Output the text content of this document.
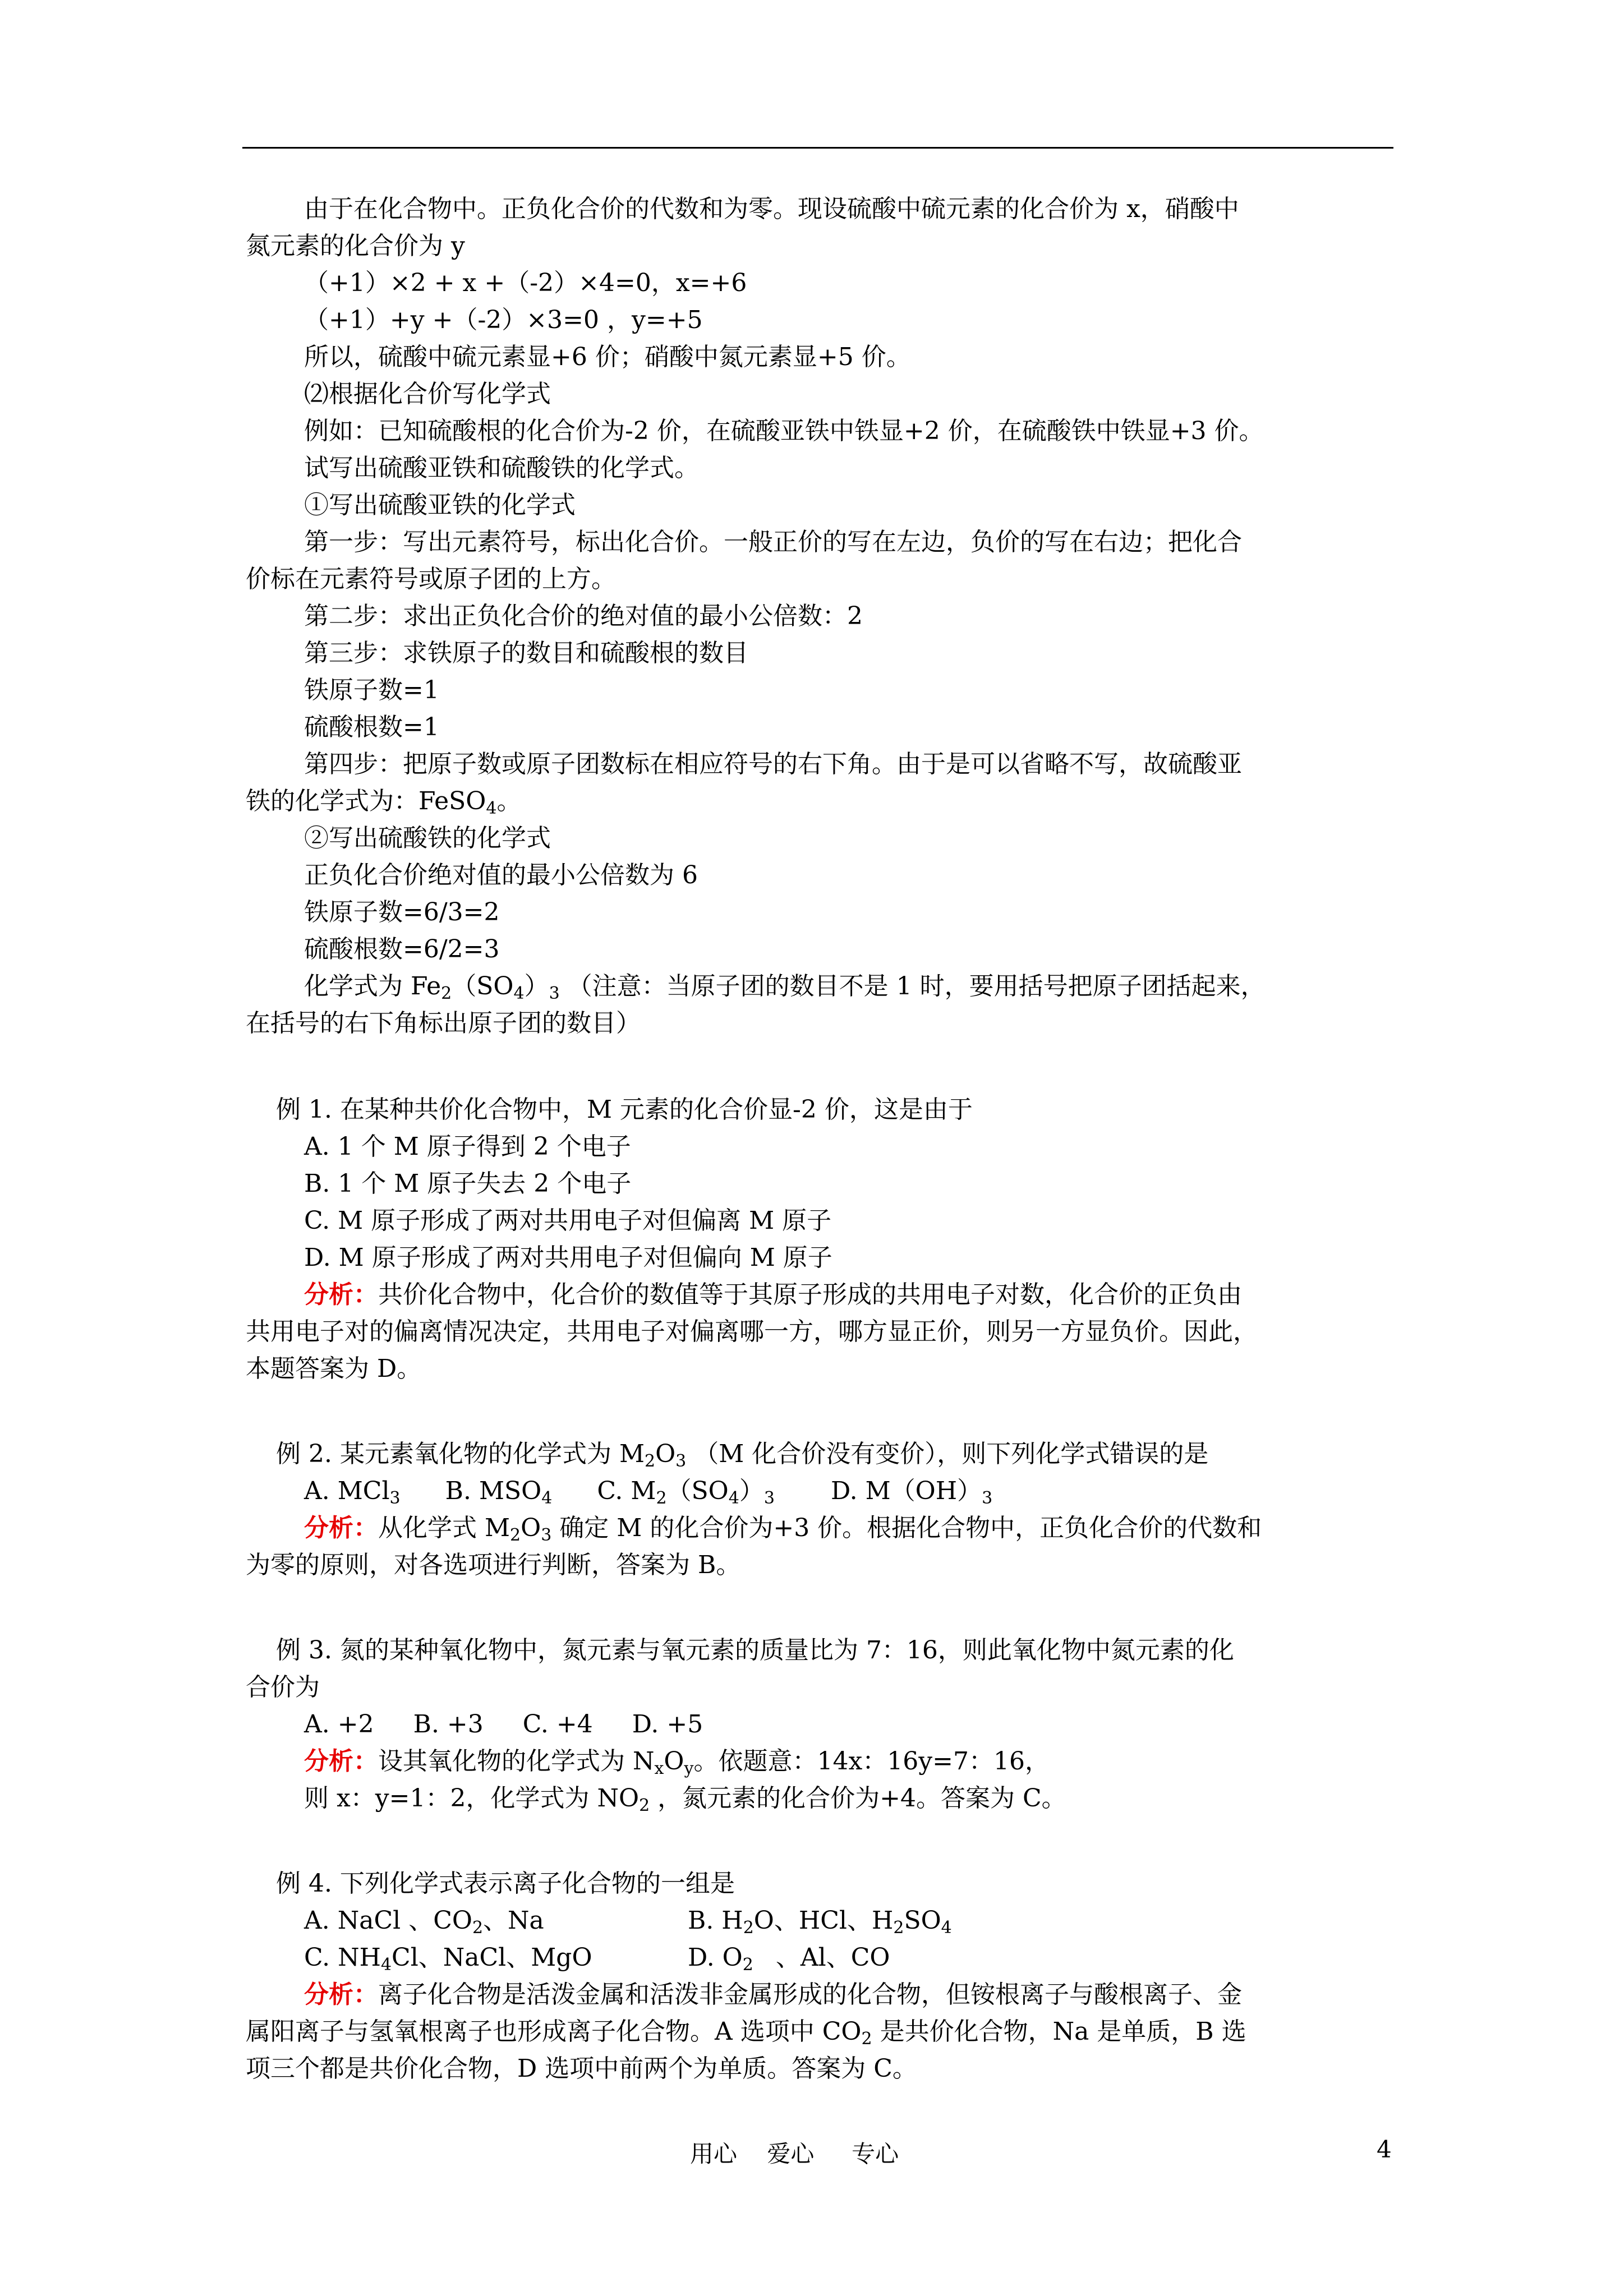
由于在化合物中。正负化合价的代数和为零。现设硫酸中硫元素的化合价为 x，硝酸中
氮元素的化合价为 y
（+1）×2 + x +（-2）×4=0，x=+6
（+1）+y +（-2）×3=0 ，y=+5
所以，硫酸中硫元素显+6 价；硝酸中氮元素显+5 价。
⑵根据化合价写化学式
例如：已知硫酸根的化合价为-2 价，在硫酸亚铁中铁显+2 价，在硫酸铁中铁显+3 价。
试写出硫酸亚铁和硫酸铁的化学式。
①写出硫酸亚铁的化学式
第一步：写出元素符号，标出化合价。一般正价的写在左边，负价的写在右边；把化合
价标在元素符号或原子团的上方。
第二步：求出正负化合价的绝对值的最小公倍数：2
第三步：求铁原子的数目和硫酸根的数目
铁原子数=1
硫酸根数=1
第四步：把原子数或原子团数标在相应符号的右下角。由于是可以省略不写，故硫酸亚
铁的化学式为：FeSO$_4$。
②写出硫酸铁的化学式
正负化合价绝对值的最小公倍数为 6
铁原子数=6/3=2
硫酸根数=6/2=3
化学式为 $Fe_2(SO_4)_3$ （注意：当原子团的数目不是 1 时，要用括号把原子团括起来，
在括号的右下角标出原子团的数目）
例 1. 在某种共价化合物中，M 元素的化合价显-2 价，这是由于
A. 1 个 M 原子得到 2 个电子
B. 1 个 M 原子失去 2 个电子
C. M 原子形成了两对共用电子对但偏离 M 原子
D. M 原子形成了两对共用电子对但偏向 M 原子
分析：共价化合物中，化合价的数值等于其原子形成的共用电子对数，化合价的正负由
共用电子对的偏离情况决定，共用电子对偏离哪一方，哪方显正价，则另一方显负价。因此，
本题答案为 D。
例 2. 某元素氧化物的化学式为 $M_2O_3$ （M 化合价没有变价），则下列化学式错误的是
A. MCl$_3$ B. $MSO_4$ C. $M_2(SO_4)_3$ D. $M(OH)_3$
分析：从化学式 $M_2O_3$ 确定 M 的化合价为+3 价。根据化合物中，正负化合价的代数和
为零的原则，对各选项进行判断，答案为 B。
例 3. 氮的某种氧化物中，氮元素与氧元素的质量比为 7：16，则此氧化物中氮元素的化
合价为
A. +2 B. +3 C. +4 D. +5
分析：设其氧化物的化学式为 $N_xO_y$。依题意：14x：16y=7：16，
则 x：y=1：2，化学式为 $NO_2$ ，氮元素的化合价为+4。答案为 C。
例 4. 下列化学式表示离子化合物的一组是
A. NaCl 、$CO_2$、Na	B. $H_2O$、HCl、$H_2SO_4$
C. $NH_4Cl$、NaCl、MgO	D. $O_2$ 、Al、CO
分析：离子化合物是活泼金属和活泼非金属形成的化合物，但铵根离子与酸根离子、金
属阳离子与氢氧根离子也形成离子化合物。A 选项中 $CO_2$ 是共价化合物，Na 是单质，B 选
项三个都是共价化合物，D 选项中前两个为单质。答案为 C。
用心    爱心     专心	4
